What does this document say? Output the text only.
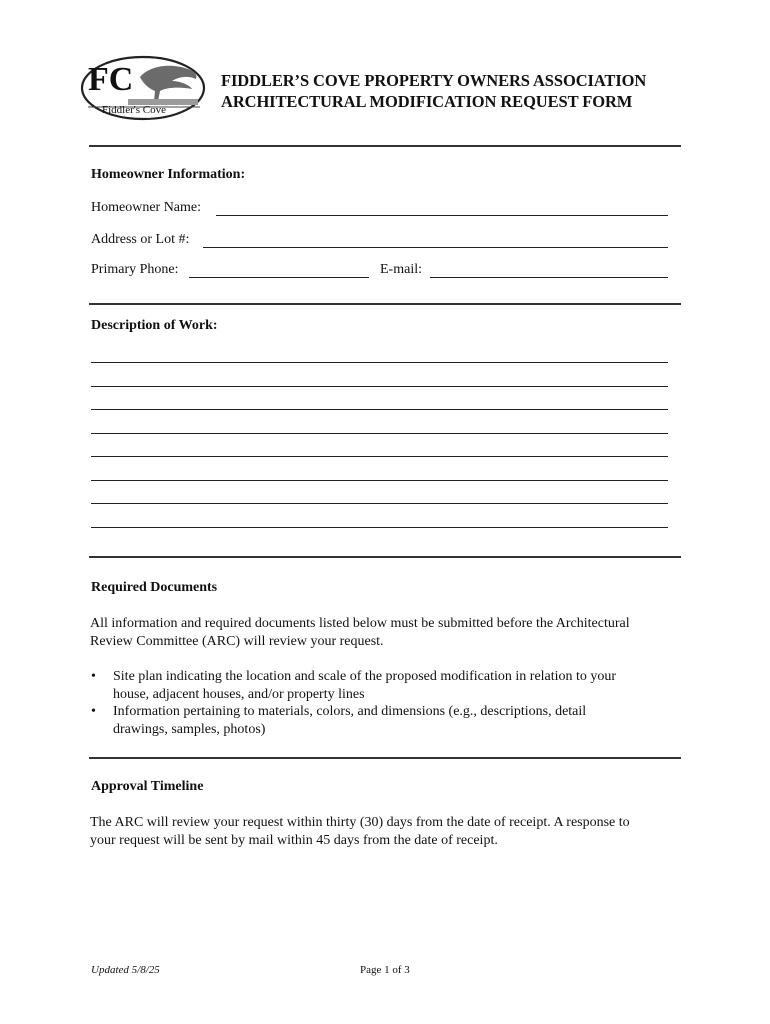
FC
Fiddler's Cove
FIDDLER’S COVE PROPERTY OWNERS ASSOCIATION
ARCHITECTURAL MODIFICATION REQUEST FORM
Homeowner Information:
Homeowner Name:
Address or Lot #:
Primary Phone:	E-mail:
Description of Work:
Required Documents
All information and required documents listed below must be submitted before the Architectural
Review Committee (ARC) will review your request.
• Site plan indicating the location and scale of the proposed modification in relation to your
house, adjacent houses, and/or property lines
• Information pertaining to materials, colors, and dimensions (e.g., descriptions, detail
drawings, samples, photos)
Approval Timeline
The ARC will review your request within thirty (30) days from the date of receipt. A response to
your request will be sent by mail within 45 days from the date of receipt.
Updated 5/8/25	Page 1 of 3
